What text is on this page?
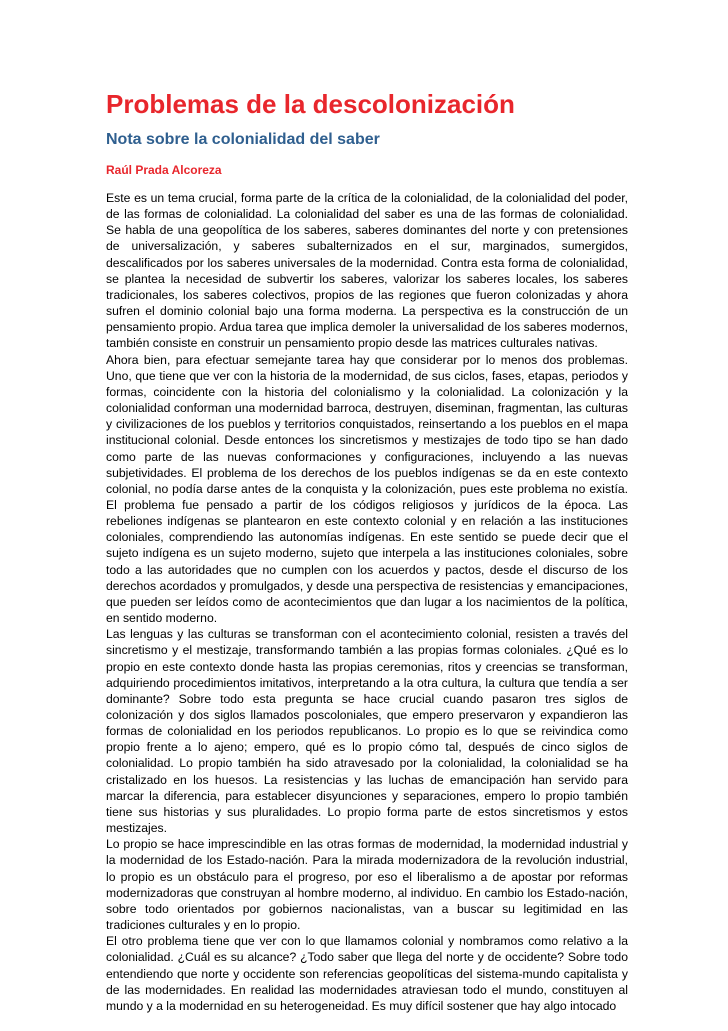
Problemas de la descolonización
Nota sobre la colonialidad del saber
Raúl Prada Alcoreza

Este es un tema crucial, forma parte de la crítica de la colonialidad, de la colonialidad del poder, de las formas de colonialidad. La colonialidad del saber es una de las formas de colonialidad. Se habla de una geopolítica de los saberes, saberes dominantes del norte y con pretensiones de universalización, y saberes subalternizados en el sur, marginados, sumergidos, descalificados por los saberes universales de la modernidad. Contra esta forma de colonialidad, se plantea la necesidad de subvertir los saberes, valorizar los saberes locales, los saberes tradicionales, los saberes colectivos, propios de las regiones que fueron colonizadas y ahora sufren el dominio colonial bajo una forma moderna. La perspectiva es la construcción de un pensamiento propio. Ardua tarea que implica demoler la universalidad de los saberes modernos, también consiste en construir un pensamiento propio desde las matrices culturales nativas.

Ahora bien, para efectuar semejante tarea hay que considerar por lo menos dos problemas. Uno, que tiene que ver con la historia de la modernidad, de sus ciclos, fases, etapas, periodos y formas, coincidente con la historia del colonialismo y la colonialidad. La colonización y la colonialidad conforman una modernidad barroca, destruyen, diseminan, fragmentan, las culturas y civilizaciones de los pueblos y territorios conquistados, reinsertando a los pueblos en el mapa institucional colonial. Desde entonces los sincretismos y mestizajes de todo tipo se han dado como parte de las nuevas conformaciones y configuraciones, incluyendo a las nuevas subjetividades. El problema de los derechos de los pueblos indígenas se da en este contexto colonial, no podía darse antes de la conquista y la colonización, pues este problema no existía. El problema fue pensado a partir de los códigos religiosos y jurídicos de la época. Las rebeliones indígenas se plantearon en este contexto colonial y en relación a las instituciones coloniales, comprendiendo las autonomías indígenas. En este sentido se puede decir que el sujeto indígena es un sujeto moderno, sujeto que interpela a las instituciones coloniales, sobre todo a las autoridades que no cumplen con los acuerdos y pactos, desde el discurso de los derechos acordados y promulgados, y desde una perspectiva de resistencias y emancipaciones, que pueden ser leídos como de acontecimientos que dan lugar a los nacimientos de la política, en sentido moderno.

Las lenguas y las culturas se transforman con el acontecimiento colonial, resisten a través del sincretismo y el mestizaje, transformando también a las propias formas coloniales. ¿Qué es lo propio en este contexto donde hasta las propias ceremonias, ritos y creencias se transforman, adquiriendo procedimientos imitativos, interpretando a la otra cultura, la cultura que tendía a ser dominante? Sobre todo esta pregunta se hace crucial cuando pasaron tres siglos de colonización y dos siglos llamados poscoloniales, que empero preservaron y expandieron las formas de colonialidad en los periodos republicanos. Lo propio es lo que se reivindica como propio frente a lo ajeno; empero, qué es lo propio cómo tal, después de cinco siglos de colonialidad. Lo propio también ha sido atravesado por la colonialidad, la colonialidad se ha cristalizado en los huesos. La resistencias y las luchas de emancipación han servido para marcar la diferencia, para establecer disyunciones y separaciones, empero lo propio también tiene sus historias y sus pluralidades. Lo propio forma parte de estos sincretismos y estos mestizajes.

Lo propio se hace imprescindible en las otras formas de modernidad, la modernidad industrial y la modernidad de los Estado-nación. Para la mirada modernizadora de la revolución industrial, lo propio es un obstáculo para el progreso, por eso el liberalismo a de apostar por reformas modernizadoras que construyan al hombre moderno, al individuo. En cambio los Estado-nación, sobre todo orientados por gobiernos nacionalistas, van a buscar su legitimidad en las tradiciones culturales y en lo propio.

El otro problema tiene que ver con lo que llamamos colonial y nombramos como relativo a la colonialidad. ¿Cuál es su alcance? ¿Todo saber que llega del norte y de occidente? Sobre todo entendiendo que norte y occidente son referencias geopolíticas del sistema-mundo capitalista y de las modernidades. En realidad las modernidades atraviesan todo el mundo, constituyen al mundo y a la modernidad en su heterogeneidad. Es muy difícil sostener que hay algo intocado
